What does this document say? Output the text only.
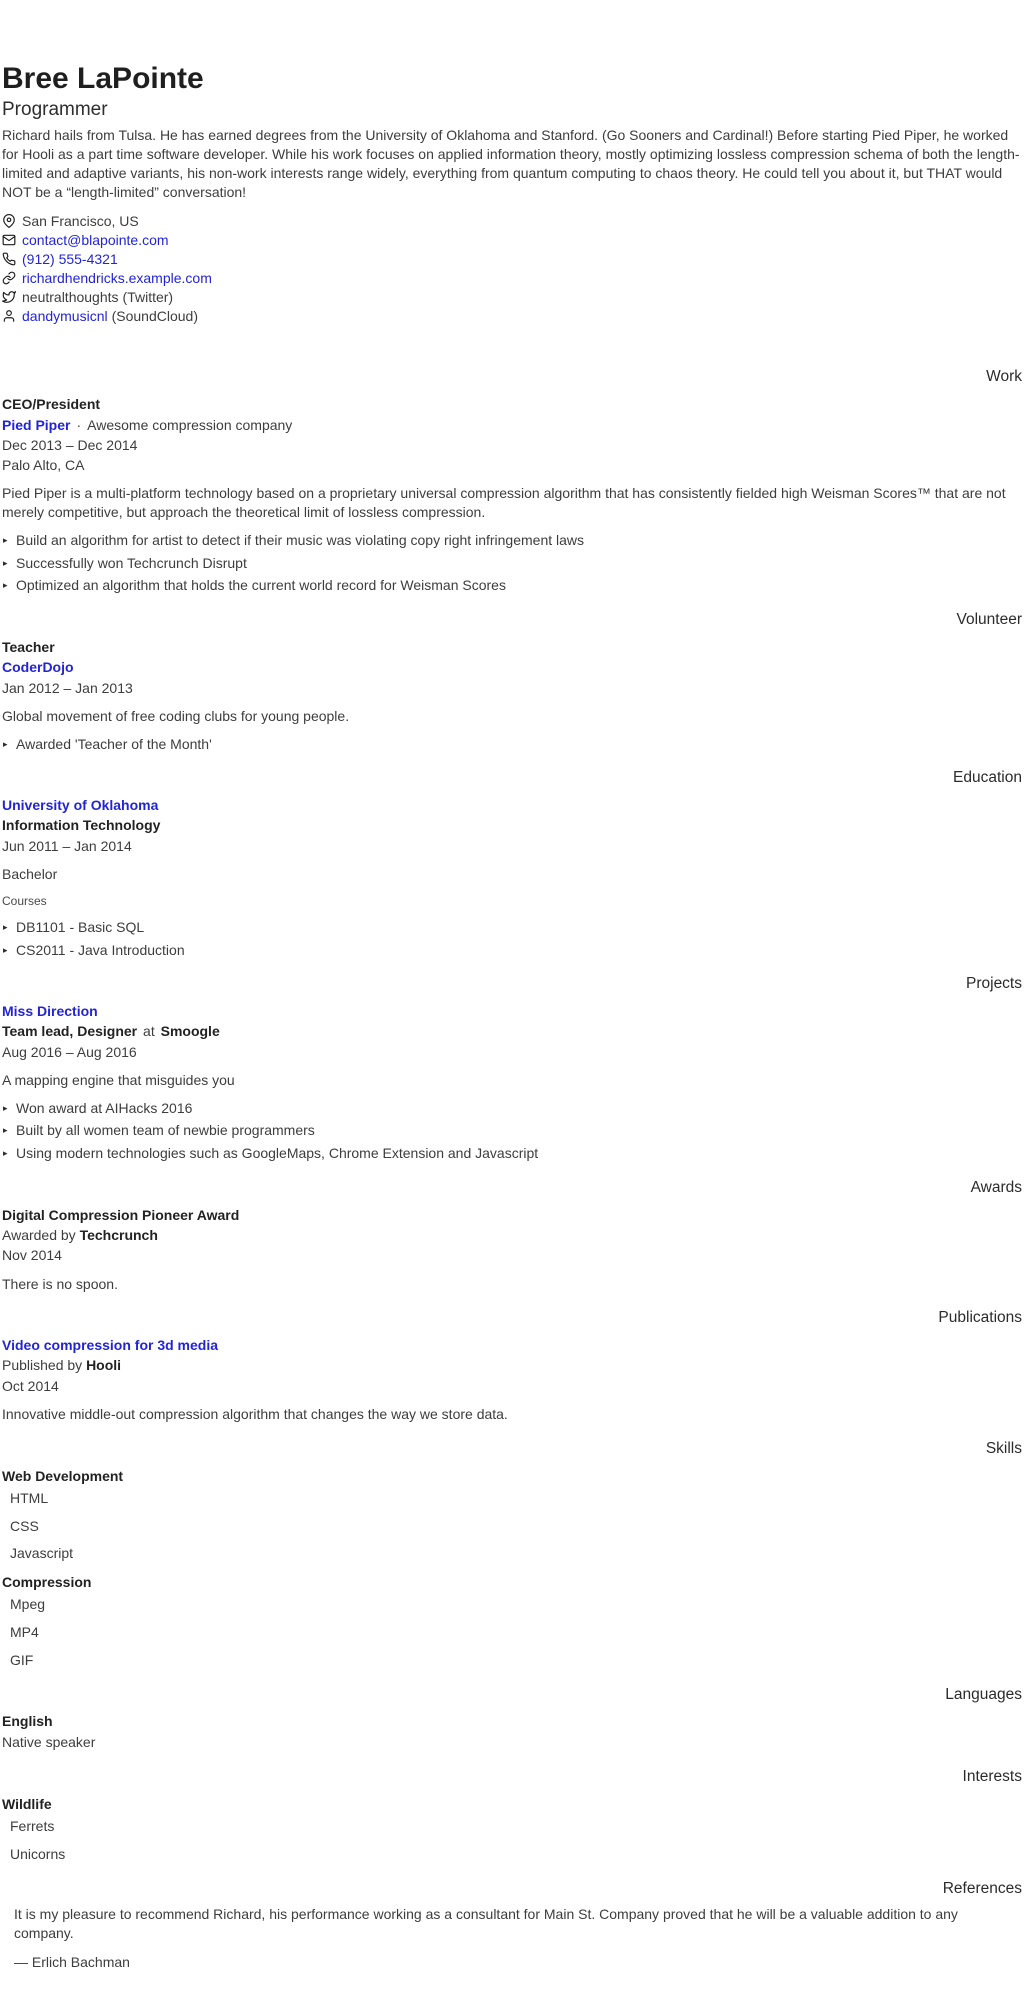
Bree LaPointe
Programmer

Richard hails from Tulsa. He has earned degrees from the University of Oklahoma and Stanford. (Go Sooners and Cardinal!) Before starting Pied Piper, he worked for Hooli as a part time software developer. While his work focuses on applied information theory, mostly optimizing lossless compression schema of both the length-limited and adaptive variants, his non-work interests range widely, everything from quantum computing to chaos theory. He could tell you about it, but THAT would NOT be a “length-limited” conversation!

San Francisco, US
contact@blapointe.com
(912) 555-4321
richardhendricks.example.com
neutralthoughts (Twitter)
dandymusicnl (SoundCloud)
Work
CEO/President
Pied Piper · Awesome compression company
Dec 2013 – Dec 2014
Palo Alto, CA

Pied Piper is a multi-platform technology based on a proprietary universal compression algorithm that has consistently fielded high Weisman Scores™ that are not merely competitive, but approach the theoretical limit of lossless compression.

▸ Build an algorithm for artist to detect if their music was violating copy right infringement laws
▸ Successfully won Techcrunch Disrupt
▸ Optimized an algorithm that holds the current world record for Weisman Scores
Volunteer
Teacher
CoderDojo
Jan 2012 – Jan 2013

Global movement of free coding clubs for young people.

▸ Awarded 'Teacher of the Month'
Education
University of Oklahoma
Information Technology
Jun 2011 – Jan 2014

Bachelor

Courses
▸ DB1101 - Basic SQL
▸ CS2011 - Java Introduction
Projects
Miss Direction
Team lead, Designer at Smoogle
Aug 2016 – Aug 2016

A mapping engine that misguides you

▸ Won award at AIHacks 2016
▸ Built by all women team of newbie programmers
▸ Using modern technologies such as GoogleMaps, Chrome Extension and Javascript
Awards
Digital Compression Pioneer Award
Awarded by Techcrunch
Nov 2014

There is no spoon.

Publications
Video compression for 3d media
Published by Hooli
Oct 2014

Innovative middle-out compression algorithm that changes the way we store data.

Skills
Web Development
HTML
CSS
Javascript
Compression
Mpeg
MP4
GIF
Languages
English
Native speaker
Interests
Wildlife
Ferrets
Unicorns
References

It is my pleasure to recommend Richard, his performance working as a consultant for Main St. Company proved that he will be a valuable addition to any company.

— Erlich Bachman
